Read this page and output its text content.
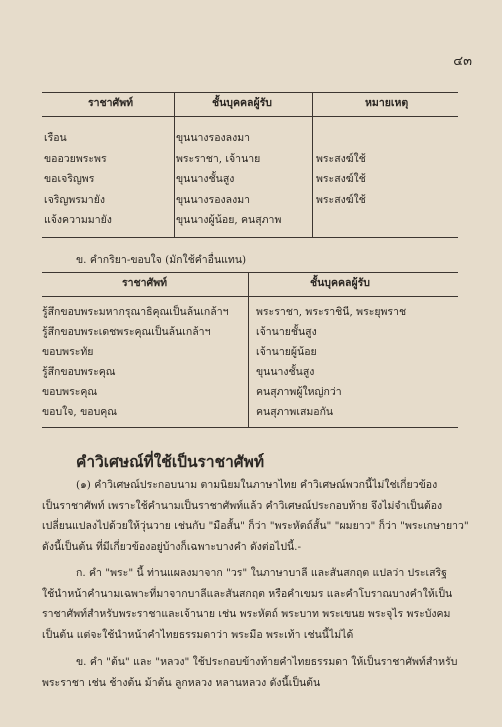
๔๓
ราชาศัพท์	ชั้นบุคคลผู้รับ	หมายเหตุ
เรือน	ขุนนางรองลงมา
ขออวยพระพร	พระราชา, เจ้านาย	พระสงฆ์ใช้
ขอเจริญพร	ขุนนางชั้นสูง	พระสงฆ์ใช้
เจริญพรมายัง	ขุนนางรองลงมา	พระสงฆ์ใช้
แจ้งความมายัง	ขุนนางผู้น้อย, คนสุภาพ
ข. คำกริยา-ขอบใจ (มักใช้คำอื่นแทน)
ราชาศัพท์	ชั้นบุคคลผู้รับ
รู้สึกขอบพระมหากรุณาธิคุณเป็นล้นเกล้าฯ	พระราชา, พระราชินี, พระยุพราช
รู้สึกขอบพระเดชพระคุณเป็นล้นเกล้าฯ	เจ้านายชั้นสูง
ขอบพระทัย	เจ้านายผู้น้อย
รู้สึกขอบพระคุณ	ขุนนางชั้นสูง
ขอบพระคุณ	คนสุภาพผู้ใหญ่กว่า
ขอบใจ, ขอบคุณ	คนสุภาพเสมอกัน
คำวิเศษณ์ที่ใช้เป็นราชาศัพท์
(๑) คำวิเศษณ์ประกอบนาม ตามนิยมในภาษาไทย คำวิเศษณ์พวกนี้ไม่ใช่เกี่ยวข้อง
เป็นราชาศัพท์ เพราะใช้คำนามเป็นราชาศัพท์แล้ว คำวิเศษณ์ประกอบท้าย จึงไม่จำเป็นต้อง
เปลี่ยนแปลงไปด้วยให้วุ่นวาย เช่นกับ "มือสั้น" ก็ว่า "พระหัตถ์สั้น" "ผมยาว" ก็ว่า "พระเกษายาว"
ดังนี้เป็นต้น ที่มีเกี่ยวข้องอยู่บ้างก็เฉพาะบางคำ ดังต่อไปนี้.-
ก. คำ "พระ" นี้ ท่านแผลงมาจาก "วร" ในภาษาบาลี และสันสกฤต แปลว่า ประเสริฐ
ใช้นำหน้าคำนามเฉพาะที่มาจากบาลีและสันสกฤต หรือคำเขมร และคำโบราณบางคำให้เป็น
ราชาศัพท์สำหรับพระราชาและเจ้านาย เช่น พระหัตถ์ พระบาท พระเขนย พระจุไร พระบังคม
เป็นต้น แต่จะใช้นำหน้าคำไทยธรรมดาว่า พระมือ พระเท้า เช่นนี้ไม่ได้
ข. คำ "ต้น" และ "หลวง" ใช้ประกอบข้างท้ายคำไทยธรรมดา ให้เป็นราชาศัพท์สำหรับ
พระราชา เช่น ช้างต้น ม้าต้น ลูกหลวง หลานหลวง ดังนี้เป็นต้น
